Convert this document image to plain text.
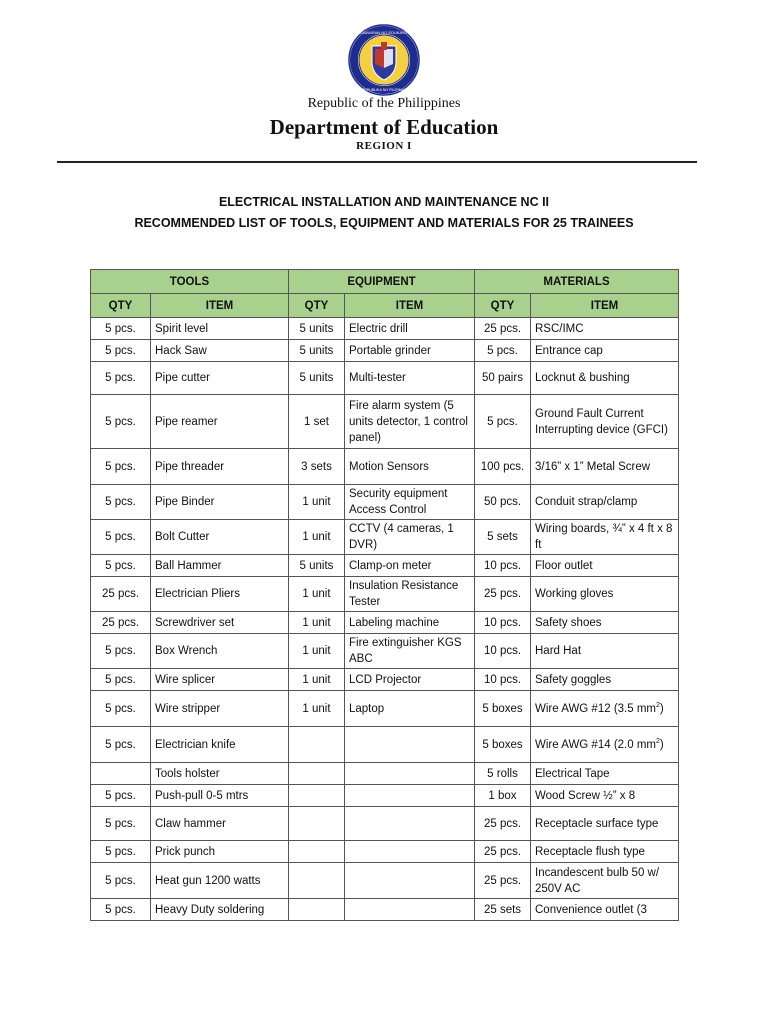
KAGAWARAN NG EDUKASYON
REPUBLIKA NG PILIPINAS
Republic of the Philippines
Department of Education
REGION I
ELECTRICAL INSTALLATION AND MAINTENANCE NC II
RECOMMENDED LIST OF TOOLS, EQUIPMENT AND MATERIALS FOR 25 TRAINEES
TOOLS		EQUIPMENT		MATERIALS	
QTY	ITEM	QTY	ITEM	QTY	ITEM
5 pcs.	Spirit level	5 units	Electric drill	25 pcs.	RSC/IMC
5 pcs.	Hack Saw	5 units	Portable grinder	5 pcs.	Entrance cap
5 pcs.	Pipe cutter	5 units	Multi-tester	50 pairs	Locknut & bushing
5 pcs.	Pipe reamer	1 set	Fire alarm system (5 units detector, 1 control panel)	5 pcs.	Ground Fault Current Interrupting device (GFCI)
5 pcs.	Pipe threader	3 sets	Motion Sensors	100 pcs.	3/16” x 1” Metal Screw
5 pcs.	Pipe Binder	1 unit	Security equipment Access Control	50 pcs.	Conduit strap/clamp
5 pcs.	Bolt Cutter	1 unit	CCTV (4 cameras, 1 DVR)	5 sets	Wiring boards, ¾” x 4 ft x 8 ft
5 pcs.	Ball Hammer	5 units	Clamp-on meter	10 pcs.	Floor outlet
25 pcs.	Electrician Pliers	1 unit	Insulation Resistance Tester	25 pcs.	Working gloves
25 pcs.	Screwdriver set	1 unit	Labeling machine	10 pcs.	Safety shoes
5 pcs.	Box Wrench	1 unit	Fire extinguisher KGS ABC	10 pcs.	Hard Hat
5 pcs.	Wire splicer	1 unit	LCD Projector	10 pcs.	Safety goggles
5 pcs.	Wire stripper	1 unit	Laptop	5 boxes	Wire AWG #12 (3.5 $mm^2$)
5 pcs.	Electrician knife			5 boxes	Wire AWG #14 (2.0 $mm^2$)
	Tools holster			5 rolls	Electrical Tape
5 pcs.	Push-pull 0-5 mtrs			1 box	Wood Screw ½” x 8
5 pcs.	Claw hammer			25 pcs.	Receptacle surface type
5 pcs.	Prick punch			25 pcs.	Receptacle flush type
5 pcs.	Heat gun 1200 watts			25 pcs.	Incandescent bulb 50 w/ 250V AC
5 pcs.	Heavy Duty soldering			25 sets	Convenience outlet (3
